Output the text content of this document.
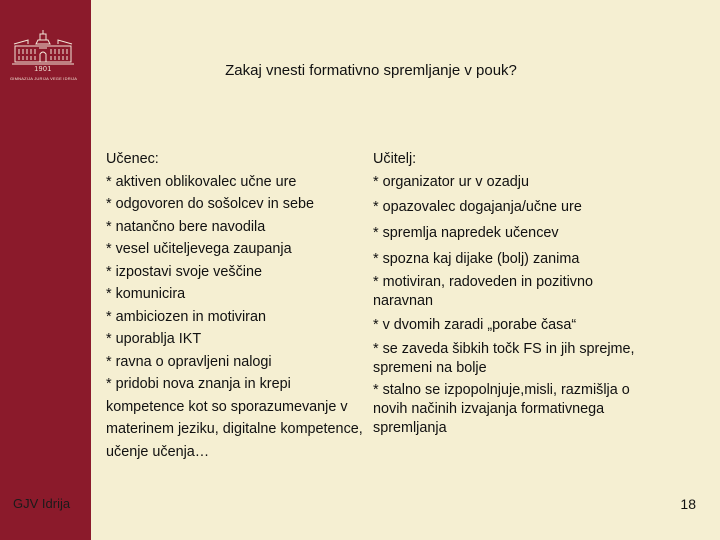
1901
GIMNAZIJA JURIJA VEGE IDRIJA
GJV Idrija
Zakaj vnesti formativno spremljanje v pouk?
Učenec:
* aktiven oblikovalec učne ure
* odgovoren do sošolcev in sebe
* natančno bere navodila
* vesel učiteljevega zaupanja
* izpostavi svoje veščine
* komunicira
* ambiciozen in motiviran
* uporablja IKT
* ravna o opravljeni nalogi
* pridobi nova znanja in krepi kompetence kot so sporazumevanje v materinem jeziku, digitalne kompetence, učenje učenja…
Učitelj:
* organizator ur v ozadju
* opazovalec dogajanja/učne ure
* spremlja napredek učencev
* spozna kaj dijake (bolj) zanima
* motiviran, radoveden in pozitivno naravnan
* v dvomih zaradi „porabe časa“
* se zaveda šibkih točk FS in jih sprejme, spremeni na bolje
* stalno se izpopolnjuje,misli, razmišlja o novih načinih izvajanja formativnega spremljanja
18
